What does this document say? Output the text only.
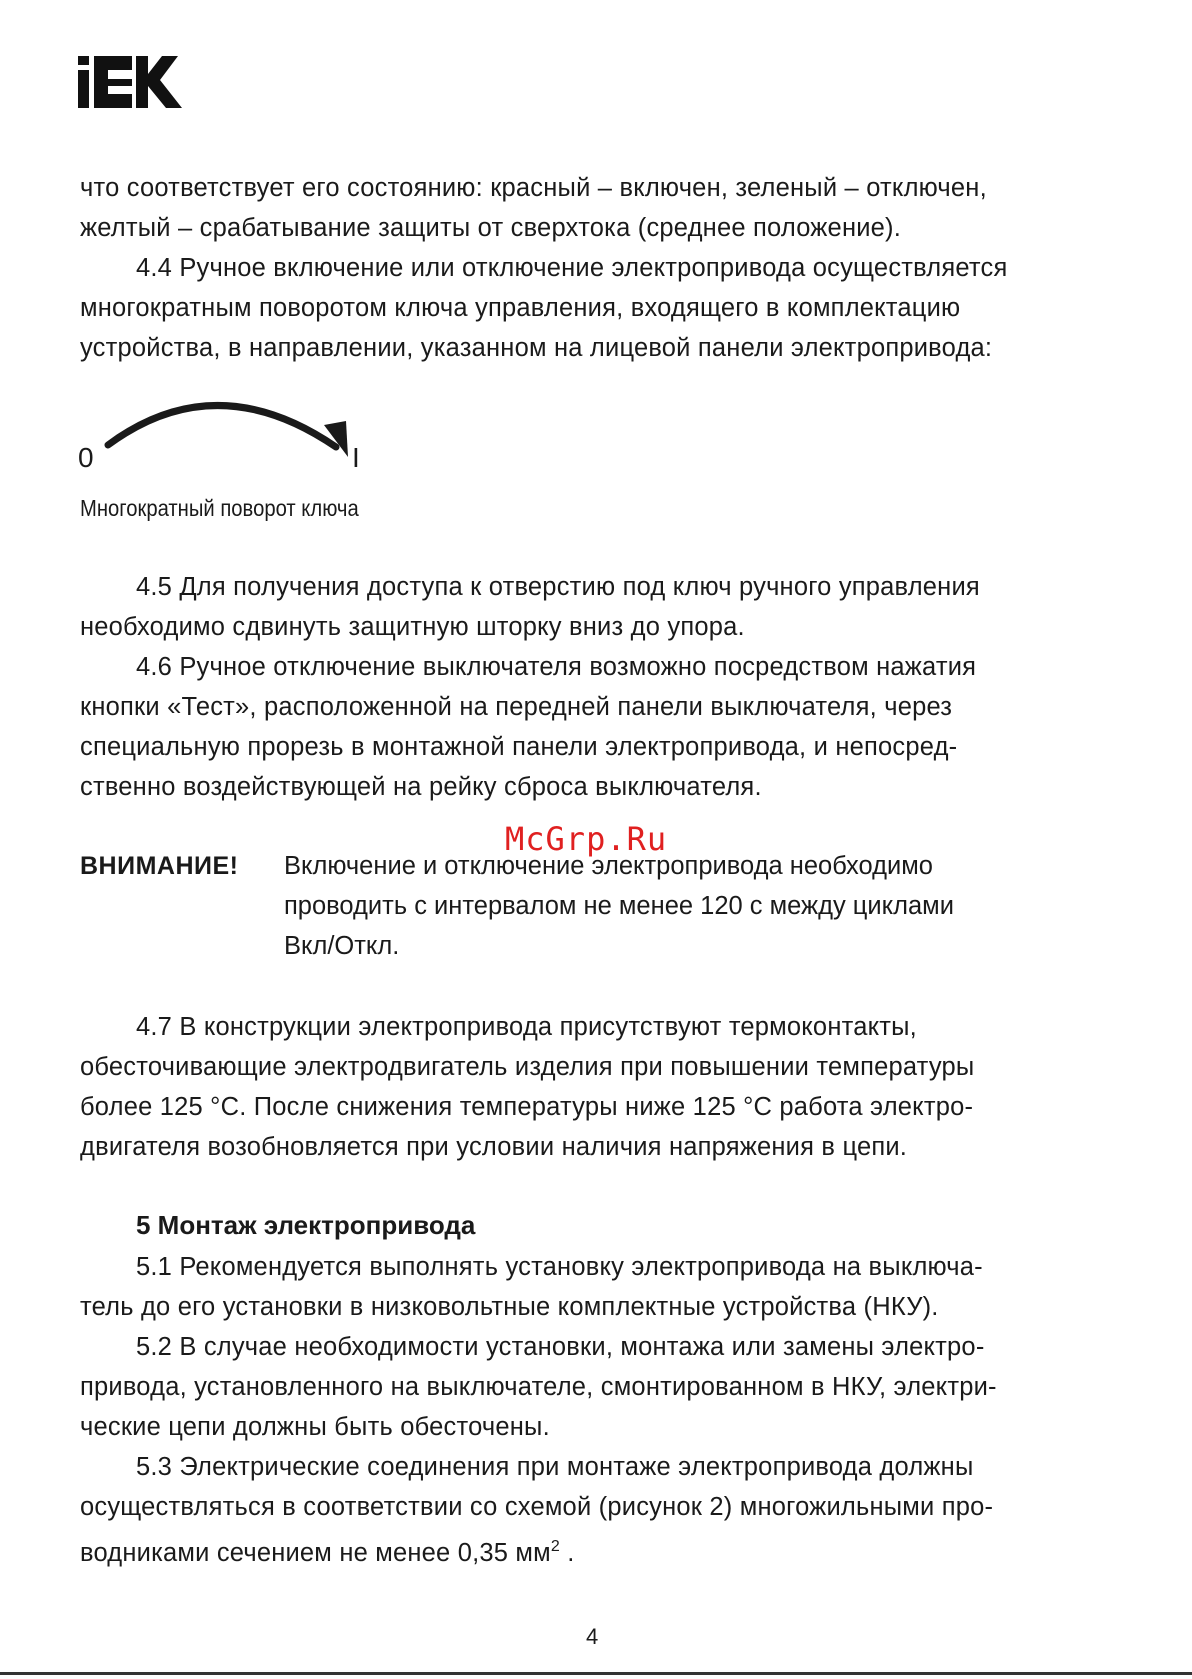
что соответствует его состоянию: красный – включен, зеленый – отключен,
желтый – срабатывание защиты от сверхтока (среднее положение).
4.4 Ручное включение или отключение электропривода осуществляется
многократным поворотом ключа управления, входящего в комплектацию
устройства, в направлении, указанном на лицевой панели электропривода:
0	I
Многократный поворот ключа
4.5 Для получения доступа к отверстию под ключ ручного управления
необходимо сдвинуть защитную шторку вниз до упора.
4.6 Ручное отключение выключателя возможно посредством нажатия
кнопки «Тест», расположенной на передней панели выключателя, через
специальную прорезь в монтажной панели электропривода, и непосред-
ственно воздействующей на рейку сброса выключателя.
McGrp.Ru
ВНИМАНИЕ! Включение и отключение электропривода необходимо
проводить с интервалом не менее 120 с между циклами
Вкл/Откл.
4.7 В конструкции электропривода присутствуют термоконтакты,
обесточивающие электродвигатель изделия при повышении температуры
более 125 °С. После снижения температуры ниже 125 °С работа электро-
двигателя возобновляется при условии наличия напряжения в цепи.
5 Монтаж электропривода
5.1 Рекомендуется выполнять установку электропривода на выключа-
тель до его установки в низковольтные комплектные устройства (НКУ).
5.2 В случае необходимости установки, монтажа или замены электро-
привода, установленного на выключателе, смонтированном в НКУ, электри-
ческие цепи должны быть обесточены.
5.3 Электрические соединения при монтаже электропривода должны
осуществляться в соответствии со схемой (рисунок 2) многожильными про-
водниками сечением не менее 0,35 $мм^2$ .
4
